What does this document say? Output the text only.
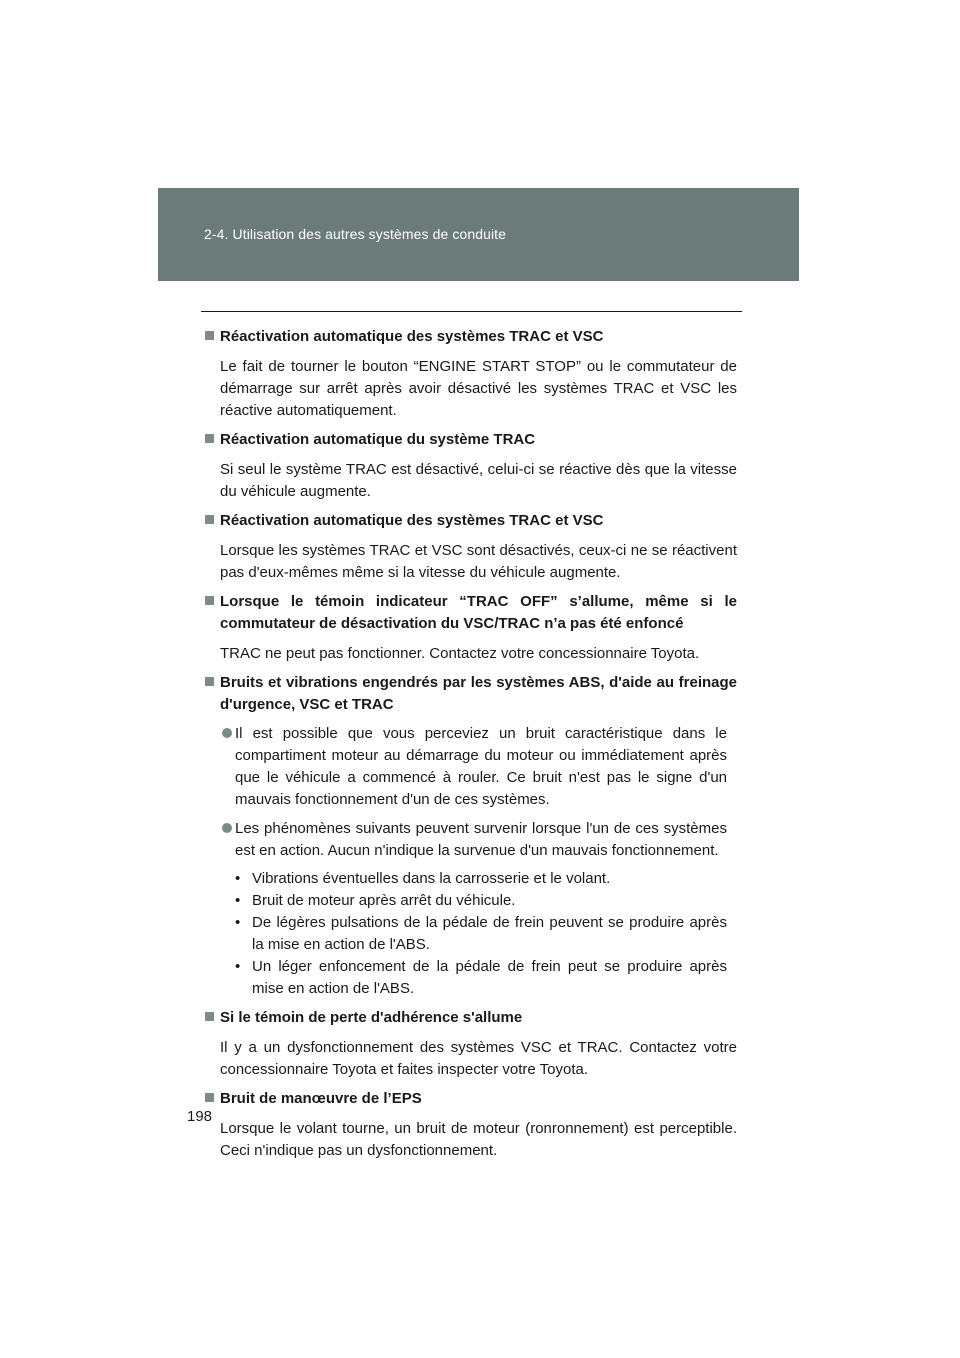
2-4. Utilisation des autres systèmes de conduite
Réactivation automatique des systèmes TRAC et VSC
Le fait de tourner le bouton “ENGINE START STOP” ou le commutateur de démarrage sur arrêt après avoir désactivé les systèmes TRAC et VSC les réactive automatiquement.
Réactivation automatique du système TRAC
Si seul le système TRAC est désactivé, celui-ci se réactive dès que la vitesse du véhicule augmente.
Réactivation automatique des systèmes TRAC et VSC
Lorsque les systèmes TRAC et VSC sont désactivés, ceux-ci ne se réactivent pas d'eux-mêmes même si la vitesse du véhicule augmente.
Lorsque le témoin indicateur “TRAC OFF” s’allume, même si le commutateur de désactivation du VSC/TRAC n’a pas été enfoncé
TRAC ne peut pas fonctionner. Contactez votre concessionnaire Toyota.
Bruits et vibrations engendrés par les systèmes ABS, d'aide au freinage d'urgence, VSC et TRAC
Il est possible que vous perceviez un bruit caractéristique dans le compartiment moteur au démarrage du moteur ou immédiatement après que le véhicule a commencé à rouler. Ce bruit n'est pas le signe d'un mauvais fonctionnement d'un de ces systèmes.
Les phénomènes suivants peuvent survenir lorsque l'un de ces systèmes est en action. Aucun n'indique la survenue d'un mauvais fonctionnement.
• Vibrations éventuelles dans la carrosserie et le volant.
• Bruit de moteur après arrêt du véhicule.
• De légères pulsations de la pédale de frein peuvent se produire après la mise en action de l'ABS.
• Un léger enfoncement de la pédale de frein peut se produire après mise en action de l'ABS.
Si le témoin de perte d'adhérence s'allume
Il y a un dysfonctionnement des systèmes VSC et TRAC. Contactez votre concessionnaire Toyota et faites inspecter votre Toyota.
Bruit de manœuvre de l’EPS
Lorsque le volant tourne, un bruit de moteur (ronronnement) est perceptible. Ceci n'indique pas un dysfonctionnement.
198
